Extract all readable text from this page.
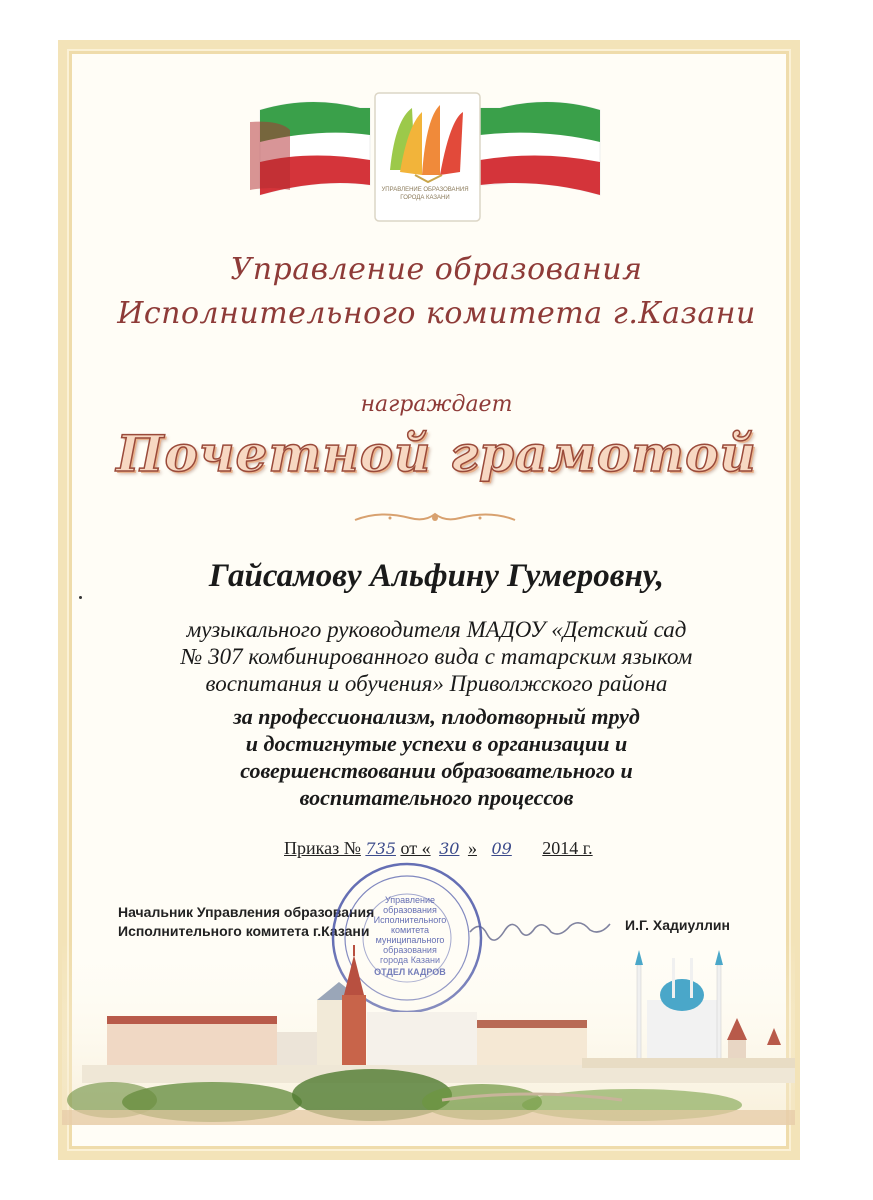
УПРАВЛЕНИЕ ОБРАЗОВАНИЯ
ГОРОДА КАЗАНИ
Управление образования
Исполнительного комитета г.Казани
награждает
Почетной грамотой
Гайсамову Альфину Гумеровну,
музыкального руководителя МАДОУ «Детский сад
№ 307 комбинированного вида с татарским языком
воспитания и обучения» Приволжского района
за профессионализм, плодотворный труд
и достигнутые успехи в организации и
совершенствовании образовательного и
воспитательного процессов
Приказ № 735 от « 30 » 09 2014 г.
Начальник Управления образования
Исполнительного комитета г.Казани	И.Г. Хадиуллин
Управление
образования
Исполнительного
комитета
